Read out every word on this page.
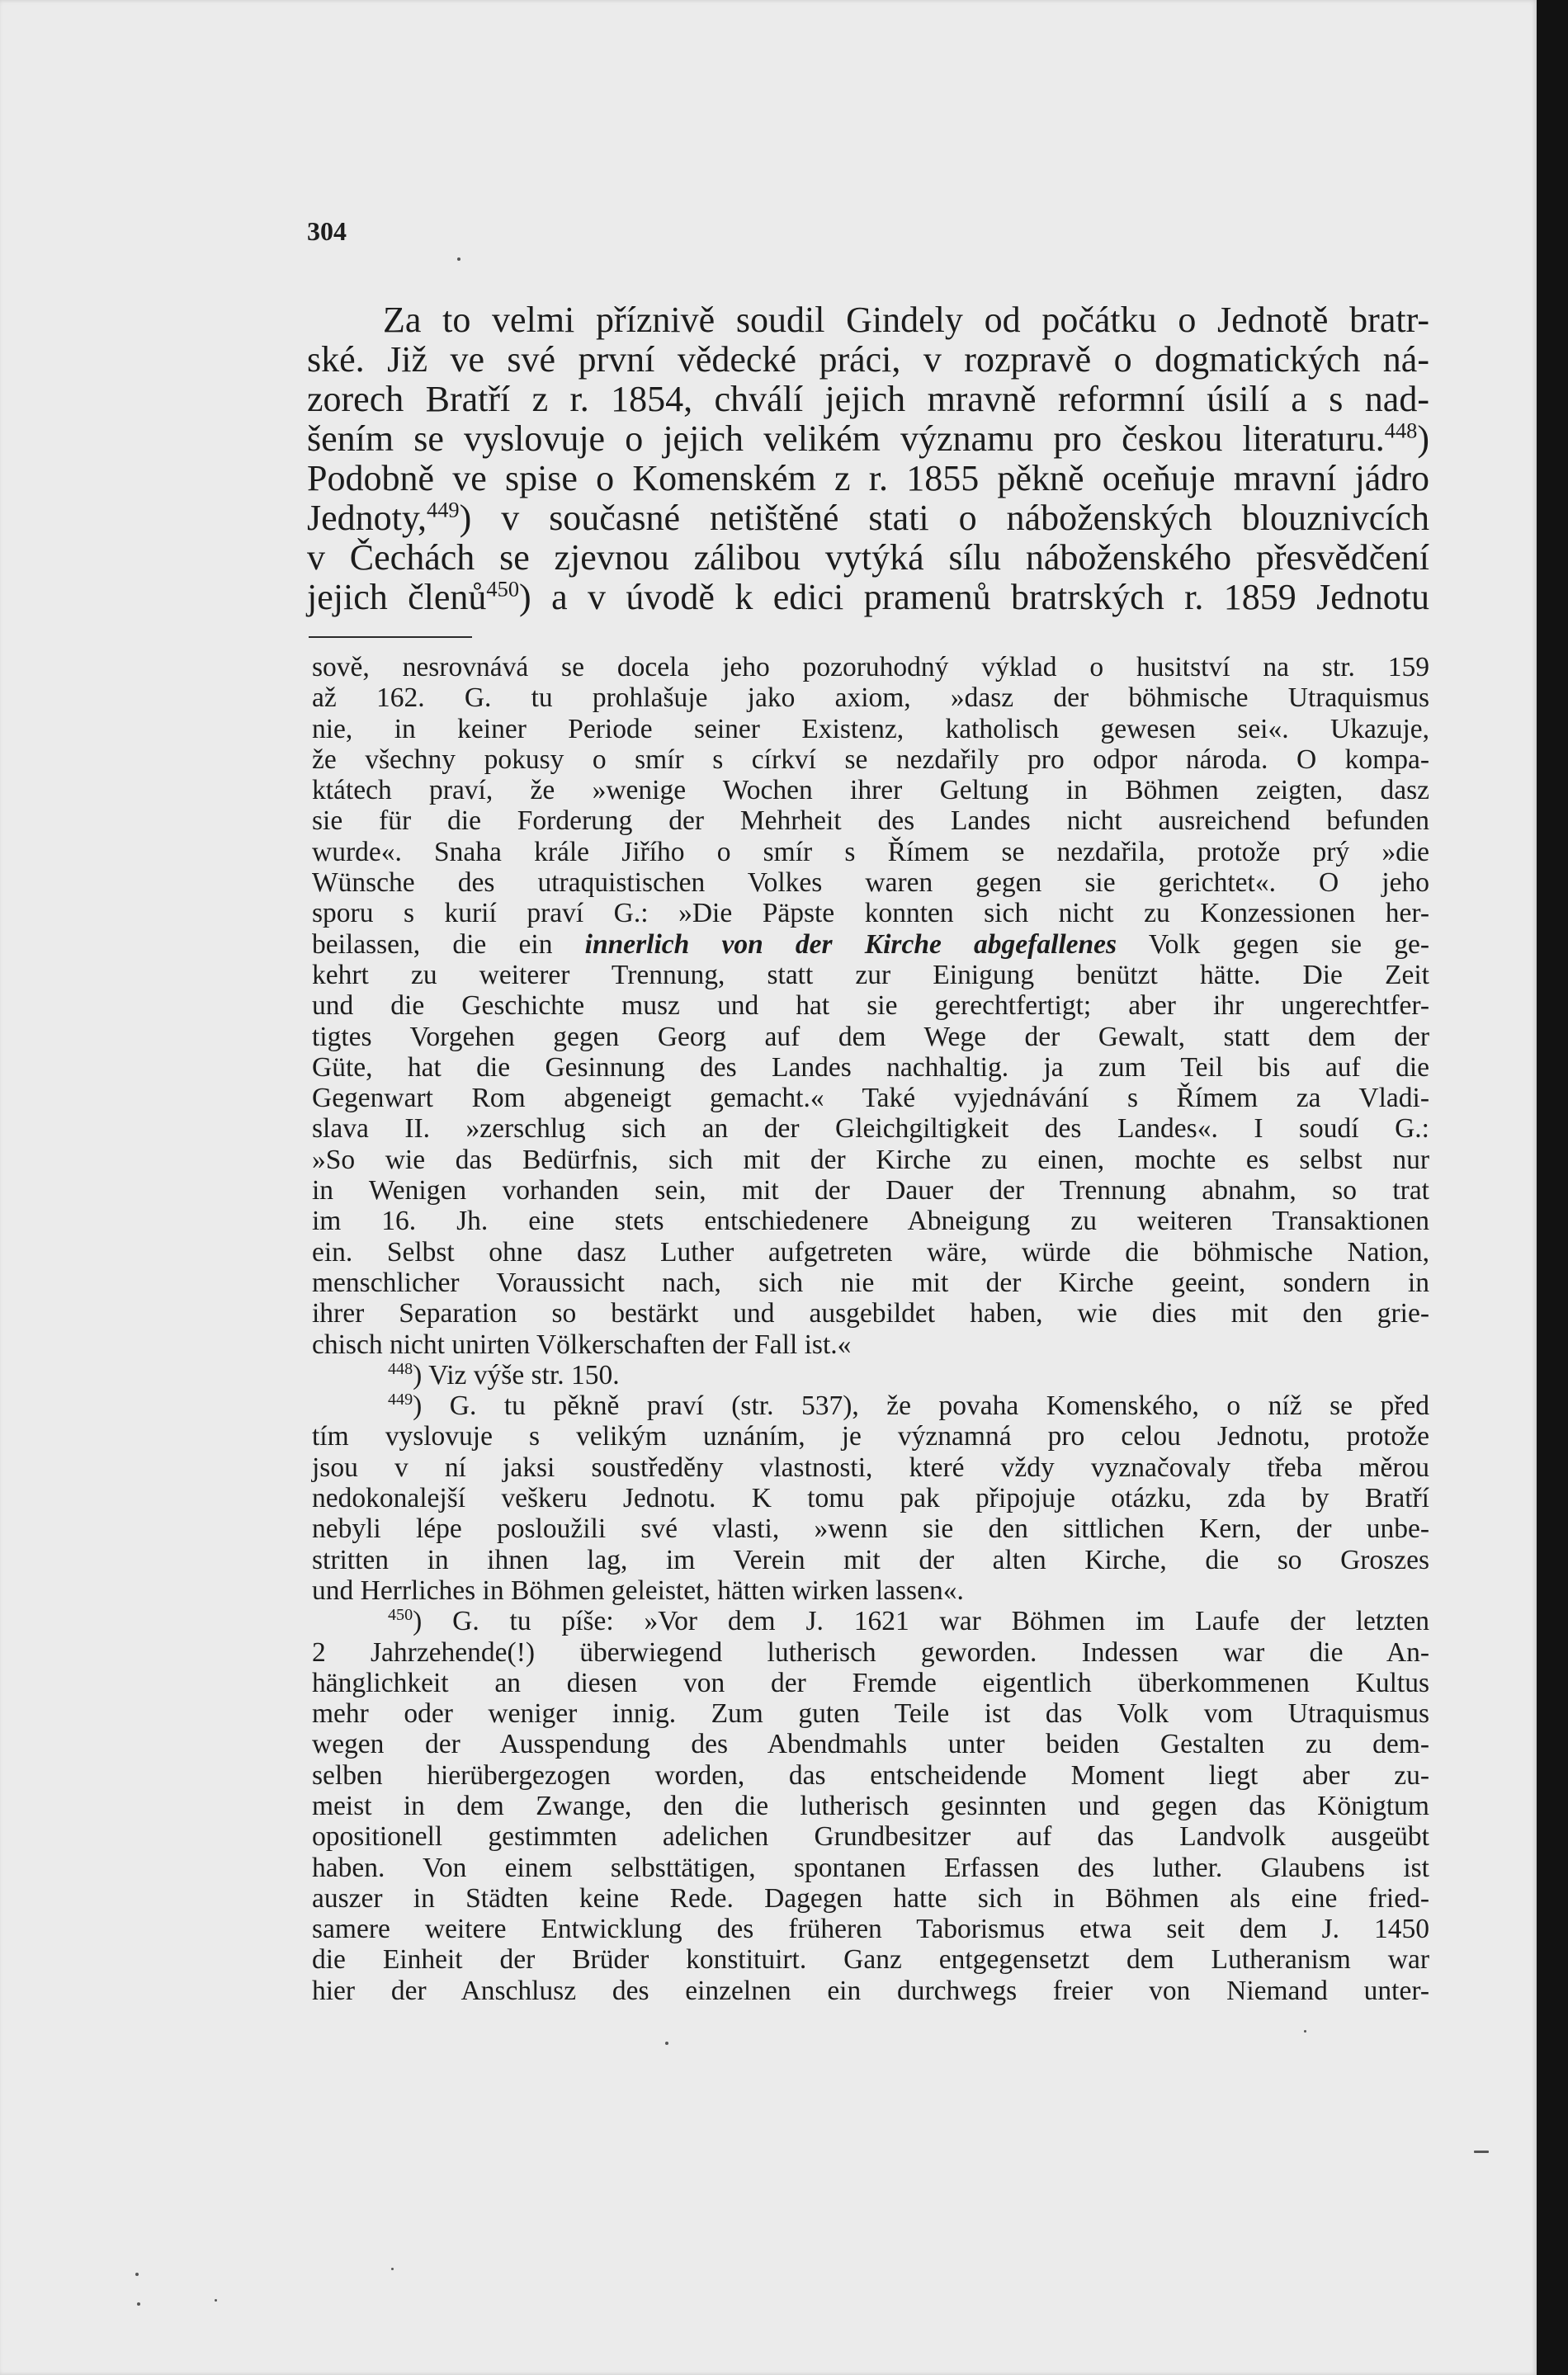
304
Za to velmi příznivě soudil Gindely od počátku o Jednotě bratr-
ské. Již ve své první vědecké práci, v rozpravě o dogmatických ná-
zorech Bratří z r. 1854, chválí jejich mravně reformní úsilí a s nad-
šením se vyslovuje o jejich velikém významu pro českou literaturu.$^{448}$)
Podobně ve spise o Komenském z r. 1855 pěkně oceňuje mravní jádro
Jednoty,$^{449}$) v současné netištěné stati o náboženských blouznivcích
v Čechách se zjevnou zálibou vytýká sílu náboženského přesvědčení
jejich členů$^{450}$) a v úvodě k edici pramenů bratrských r. 1859 Jednotu
sově, nesrovnává se docela jeho pozoruhodný výklad o husitství na str. 159
až 162. G. tu prohlašuje jako axiom, »dasz der böhmische Utraquismus
nie, in keiner Periode seiner Existenz, katholisch gewesen sei«. Ukazuje,
že všechny pokusy o smír s církví se nezdařily pro odpor národa. O kompa-
ktátech praví, že »wenige Wochen ihrer Geltung in Böhmen zeigten, dasz
sie für die Forderung der Mehrheit des Landes nicht ausreichend befunden
wurde«. Snaha krále Jiřího o smír s Římem se nezdařila, protože prý »die
Wünsche des utraquistischen Volkes waren gegen sie gerichtet«. O jeho
sporu s kurií praví G.: »Die Päpste konnten sich nicht zu Konzessionen her-
beilassen, die ein innerlich von der Kirche abgefallenes Volk gegen sie ge-
kehrt zu weiterer Trennung, statt zur Einigung benützt hätte. Die Zeit
und die Geschichte musz und hat sie gerechtfertigt; aber ihr ungerechtfer-
tigtes Vorgehen gegen Georg auf dem Wege der Gewalt, statt dem der
Güte, hat die Gesinnung des Landes nachhaltig. ja zum Teil bis auf die
Gegenwart Rom abgeneigt gemacht.« Také vyjednávání s Římem za Vladi-
slava II. »zerschlug sich an der Gleichgiltigkeit des Landes«. I soudí G.:
»So wie das Bedürfnis, sich mit der Kirche zu einen, mochte es selbst nur
in Wenigen vorhanden sein, mit der Dauer der Trennung abnahm, so trat
im 16. Jh. eine stets entschiedenere Abneigung zu weiteren Transaktionen
ein. Selbst ohne dasz Luther aufgetreten wäre, würde die böhmische Nation,
menschlicher Voraussicht nach, sich nie mit der Kirche geeint, sondern in
ihrer Separation so bestärkt und ausgebildet haben, wie dies mit den grie-
chisch nicht unirten Völkerschaften der Fall ist.«
$^{448}$) Viz výše str. 150.
$^{449}$) G. tu pěkně praví (str. 537), že povaha Komenského, o níž se před
tím vyslovuje s velikým uznáním, je významná pro celou Jednotu, protože
jsou v ní jaksi soustředěny vlastnosti, které vždy vyznačovaly třeba měrou
nedokonalejší veškeru Jednotu. K tomu pak připojuje otázku, zda by Bratří
nebyli lépe posloužili své vlasti, »wenn sie den sittlichen Kern, der unbe-
stritten in ihnen lag, im Verein mit der alten Kirche, die so Groszes
und Herrliches in Böhmen geleistet, hätten wirken lassen«.
$^{450}$) G. tu píše: »Vor dem J. 1621 war Böhmen im Laufe der letzten
2 Jahrzehende(!) überwiegend lutherisch geworden. Indessen war die An-
hänglichkeit an diesen von der Fremde eigentlich überkommenen Kultus
mehr oder weniger innig. Zum guten Teile ist das Volk vom Utraquismus
wegen der Ausspendung des Abendmahls unter beiden Gestalten zu dem-
selben hierübergezogen worden, das entscheidende Moment liegt aber zu-
meist in dem Zwange, den die lutherisch gesinnten und gegen das Königtum
opositionell gestimmten adelichen Grundbesitzer auf das Landvolk ausgeübt
haben. Von einem selbsttätigen, spontanen Erfassen des luther. Glaubens ist
auszer in Städten keine Rede. Dagegen hatte sich in Böhmen als eine fried-
samere weitere Entwicklung des früheren Taborismus etwa seit dem J. 1450
die Einheit der Brüder konstituirt. Ganz entgegensetzt dem Lutheranism war
hier der Anschlusz des einzelnen ein durchwegs freier von Niemand unter-
